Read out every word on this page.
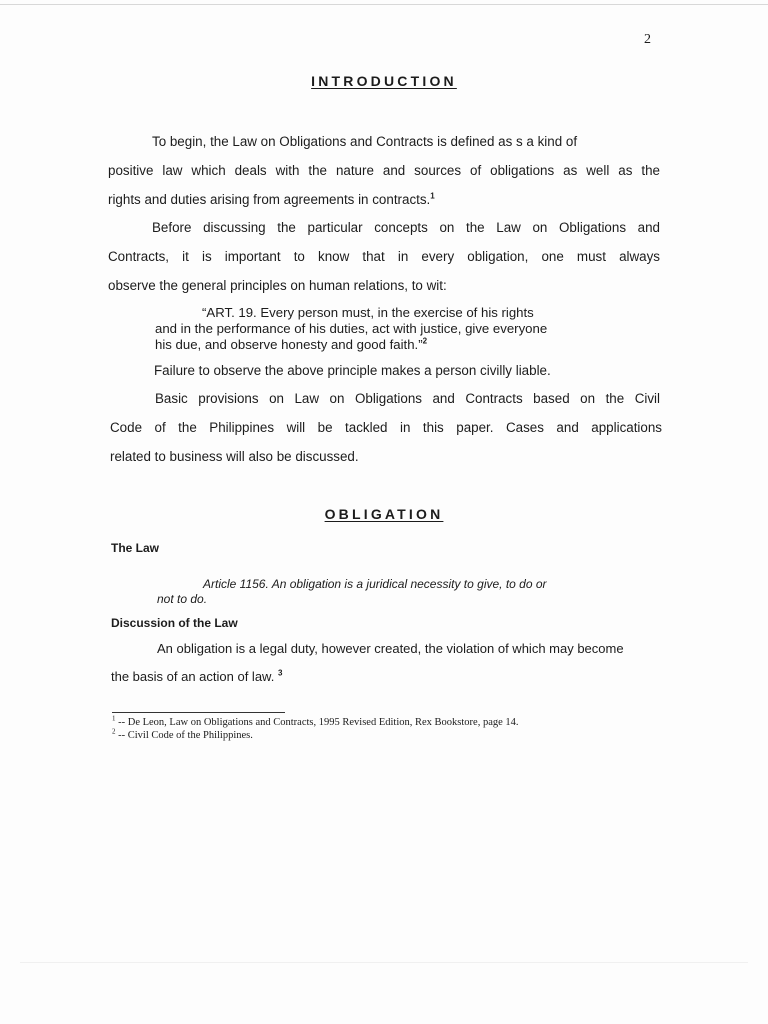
2
INTRODUCTION
To begin, the Law on Obligations and Contracts is defined as s a kind of
positive law which deals with the nature and sources of obligations as well as the
rights and duties arising from agreements in contracts.$^1$
Before discussing the particular concepts on the Law on Obligations and
Contracts, it is important to know that in every obligation, one must always
observe the general principles on human relations, to wit:
“ART. 19. Every person must, in the exercise of his rights
and in the performance of his duties, act with justice, give everyone
his due, and observe honesty and good faith.”$^2$
Failure to observe the above principle makes a person civilly liable.
Basic provisions on Law on Obligations and Contracts based on the Civil
Code of the Philippines will be tackled in this paper. Cases and applications
related to business will also be discussed.
OBLIGATION
The Law
Article 1156. An obligation is a juridical necessity to give, to do or
not to do.
Discussion of the Law
An obligation is a legal duty, however created, the violation of which may become
the basis of an action of law. $^3$
$^1$ -- De Leon, Law on Obligations and Contracts, 1995 Revised Edition, Rex Bookstore, page 14.
$^2$ -- Civil Code of the Philippines.
